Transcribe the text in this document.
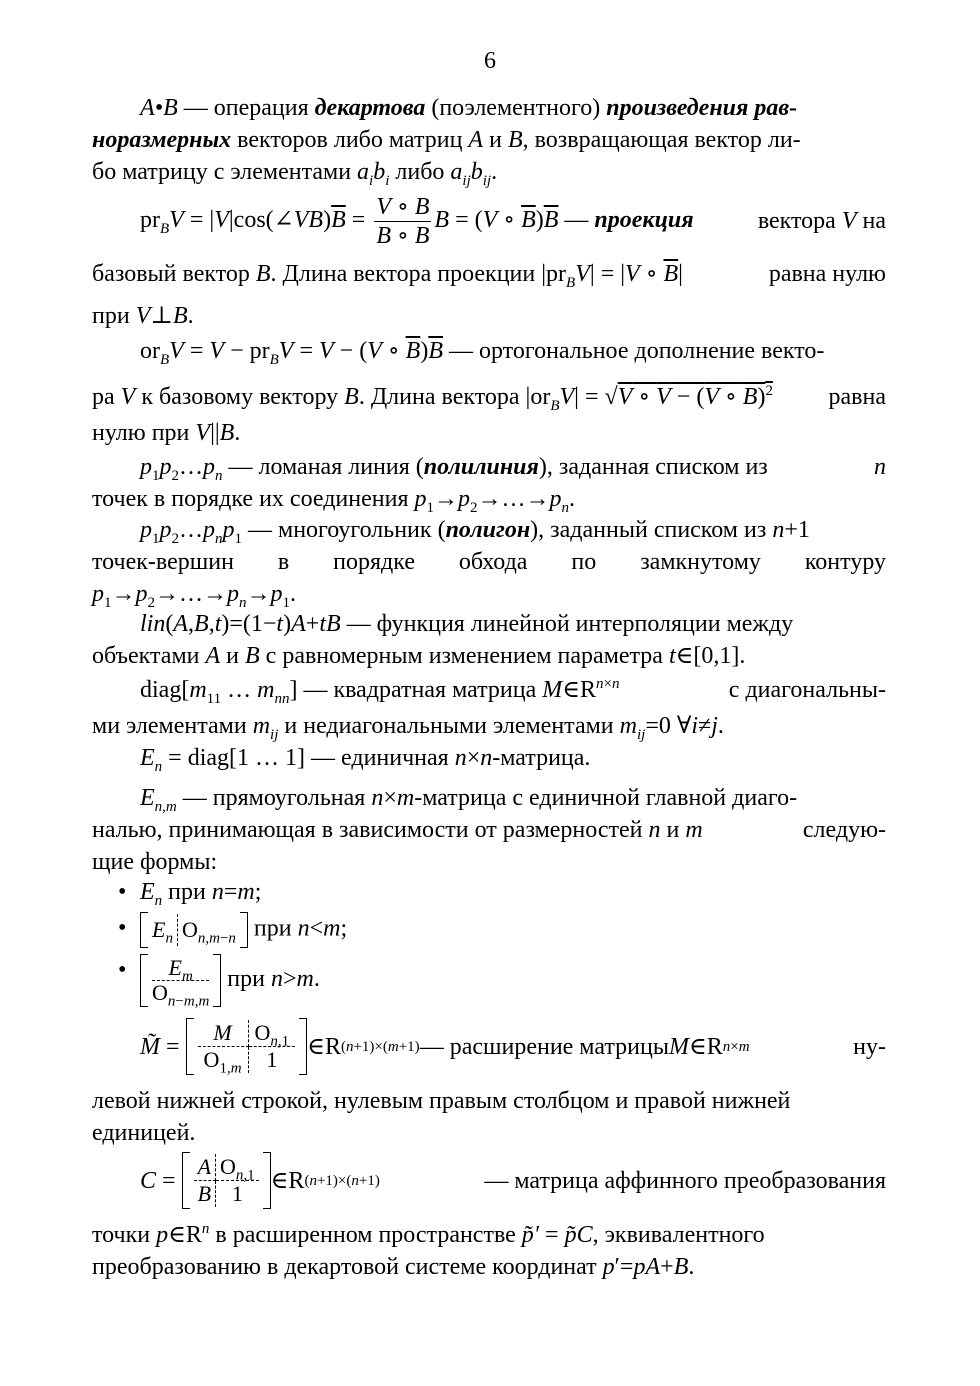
6
A•B — операция декартова (поэлементного) произведения рав-
норазмерных векторов либо матриц A и B, возвращающая вектор ли-
бо матрицу с элементами $a_ib_i$ либо $a_{ij}b_{ij}$.
$pr_BV$ = $|V|\cos(\angle VB)\overline{B} = \frac{V \circ B}{B \circ B}$ B = (V ∘ $\overline{B})\overline{B}$ — проекция	вектора V на
базовый вектор B. Длина вектора проекции $|pr_BV| = |V$ ∘ $\overline{B}|$	равна нулю
при V⊥B.
$or_BV = V - pr_BV = V - (V$ ∘ $\overline{B})\overline{B}$ — ортогональное дополнение векто-
ра V к базовому вектору B. Длина вектора $|or_BV| = √V$ ∘ V − (V ∘ B)$^2$ равна
нулю при V||B.
$p_1p_2\dots p_n$ — ломаная линия (полилиния), заданная списком из	n
точек в порядке их соединения $p_1\to p_2\to\dots\to p_n$.
$p_1p_2\dots p_np_1$ — многоугольник (полигон), заданный списком из n+1
точек-вершин в порядке обхода по замкнутому контуру
$p_1\to p_2\to\dots\to p_n\to p_1$.
lin(A,B,t)=(1−t)A+tB — функция линейной интерполяции между
объектами A и B с равномерным изменением параметра t∈[0,1].
$diag[m_{11}$ … $m_{nn}$] — квадратная матрица $M\in R^{n\times n}$	с диагональны-
ми элементами $m_{ij}$ и недиагональными элементами $m_{ij}=0$ ∀i≠j.
$E_n$ = diag[1 … 1] — единичная n×n-матрица.
$E_{n,m}$ — прямоугольная n×m-матрица с единичной главной диаго-
налью, принимающая в зависимости от размерностей n и m	следую-
щие формы:
• $E_n$ при n=m;
• $E_n$ $O_{n,m-n}$ при n<m;
• $E_m$
$O_{n-m,m}$
при n>m.
M̃ =
M	$O_{n,1}$
$O_{1,m}$	1	∈R (n+1)×(m+1) — расширение матрицы M ∈R n×m	ну-
левой нижней строкой, нулевым правым столбцом и правой нижней
единицей.
C =
A $O_{n,1}$
B 1	∈R (n+1)×(n+1)	— матрица аффинного преобразования
точки $p\in R^n$ в расширенном пространстве p̃′ = p̃C, эквивалентного
преобразованию в декартовой системе координат p′=pA+B.
